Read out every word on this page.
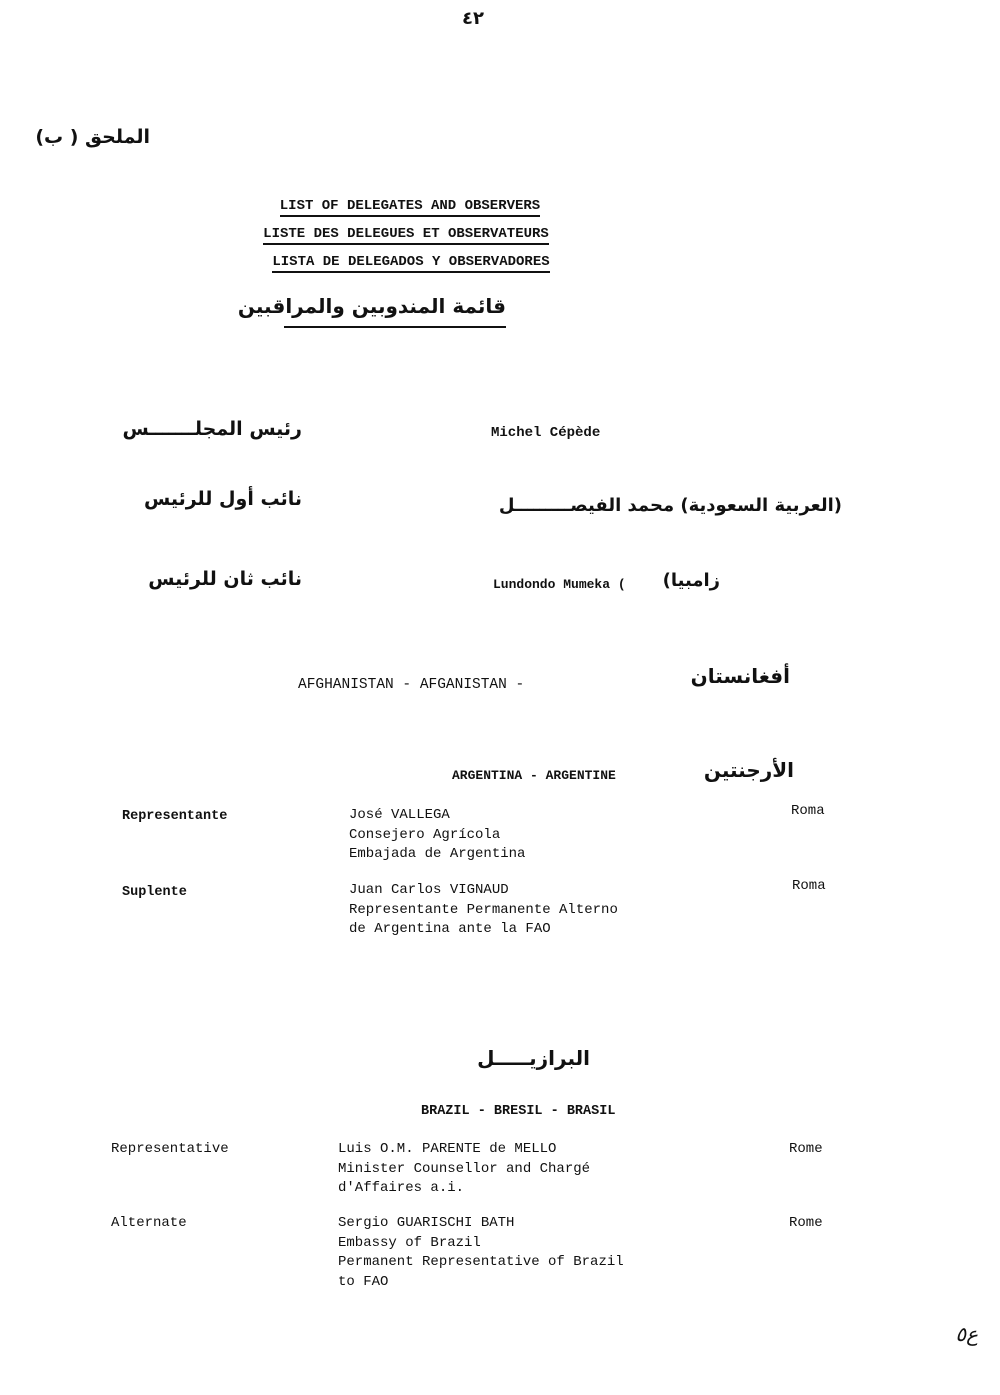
٤٢
الملحق ( ب)
LIST OF DELEGATES AND OBSERVERS
LISTE DES DELEGUES ET OBSERVATEURS
LISTA DE DELEGADOS Y OBSERVADORES
قائمة المندوبين والمراقبين
رئيس المجلـــــــس	Michel Cépède
نائب أول للرئيس	(العربية السعودية) محمد الفيصـــــــــل
نائب ثان للرئيس	Lundondo Mumeka ( زامبيا)
AFGHANISTAN - AFGANISTAN -	أفغانستان
ARGENTINA - ARGENTINE	الأرجنتين
Representante	José VALLEGA
Consejero Agrícola
Embajada de Argentina
Roma
Suplente	Juan Carlos VIGNAUD
Representante Permanente Alterno
de Argentina ante la FAO
Roma
البرازيـــــل
BRAZIL - BRESIL - BRASIL
Representative	Luis O.M. PARENTE de MELLO
Minister Counsellor and Chargé
d'Affaires a.i.
Rome
Alternate	Sergio GUARISCHI BATH
Embassy of Brazil
Permanent Representative of Brazil
to FAO
Rome
ع٥
